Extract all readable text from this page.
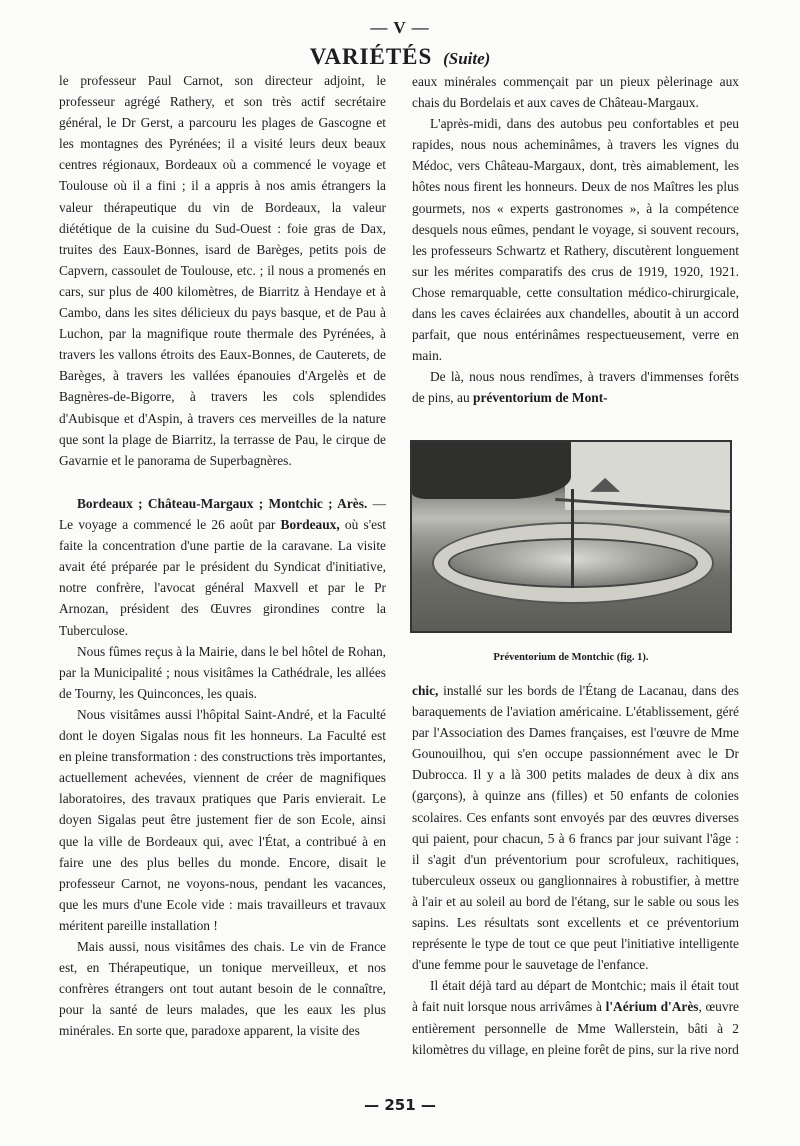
— V —
VARIÉTÉS (Suite)

le professeur Paul Carnot, son directeur adjoint, le professeur agrégé Rathery, et son très actif secrétaire général, le Dr Gerst, a parcouru les plages de Gascogne et les montagnes des Pyrénées; il a visité leurs deux beaux centres régionaux, Bordeaux où a commencé le voyage et Toulouse où il a fini ; il a appris à nos amis étrangers la valeur thérapeutique du vin de Bordeaux, la valeur diététique de la cuisine du Sud-Ouest : foie gras de Dax, truites des Eaux-Bonnes, isard de Barèges, petits pois de Capvern, cassoulet de Toulouse, etc. ; il nous a promenés en cars, sur plus de 400 kilomètres, de Biarritz à Hendaye et à Cambo, dans les sites délicieux du pays basque, et de Pau à Luchon, par la magnifique route thermale des Pyrénées, à travers les vallons étroits des Eaux-Bonnes, de Cauterets, de Barèges, à travers les vallées épanouies d'Argelès et de Bagnères-de-Bigorre, à travers les cols splendides d'Aubisque et d'Aspin, à travers ces merveilles de la nature que sont la plage de Biarritz, la terrasse de Pau, le cirque de Gavarnie et le panorama de Superbagnères.

Bordeaux ; Château-Margaux ; Montchic ; Arès. — Le voyage a commencé le 26 août par Bordeaux, où s'est faite la concentration d'une partie de la caravane. La visite avait été préparée par le président du Syndicat d'initiative, notre confrère, l'avocat général Maxvell et par le Pr Arnozan, président des Œuvres girondines contre la Tuberculose.

Nous fûmes reçus à la Mairie, dans le bel hôtel de Rohan, par la Municipalité ; nous visitâmes la Cathédrale, les allées de Tourny, les Quinconces, les quais.

Nous visitâmes aussi l'hôpital Saint-André, et la Faculté dont le doyen Sigalas nous fit les honneurs. La Faculté est en pleine transformation : des constructions très importantes, actuellement achevées, viennent de créer de magnifiques laboratoires, des travaux pratiques que Paris envierait. Le doyen Sigalas peut être justement fier de son Ecole, ainsi que la ville de Bordeaux qui, avec l'État, a contribué à en faire une des plus belles du monde. Encore, disait le professeur Carnot, ne voyons-nous, pendant les vacances, que les murs d'une Ecole vide : mais travailleurs et travaux méritent pareille installation !

Mais aussi, nous visitâmes des chais. Le vin de France est, en Thérapeutique, un tonique merveilleux, et nos confrères étrangers ont tout autant besoin de le connaître, pour la santé de leurs malades, que les eaux les plus minérales. En sorte que, paradoxe apparent, la visite des

eaux minérales commençait par un pieux pèlerinage aux chais du Bordelais et aux caves de Château-Margaux.

L'après-midi, dans des autobus peu confortables et peu rapides, nous nous acheminâmes, à travers les vignes du Médoc, vers Château-Margaux, dont, très aimablement, les hôtes nous firent les honneurs. Deux de nos Maîtres les plus gourmets, nos « experts gastronomes », à la compétence desquels nous eûmes, pendant le voyage, si souvent recours, les professeurs Schwartz et Rathery, discutèrent longuement sur les mérites comparatifs des crus de 1919, 1920, 1921. Chose remarquable, cette consultation médico-chirurgicale, dans les caves éclairées aux chandelles, aboutit à un accord parfait, que nous entérinâmes respectueusement, verre en main.

De là, nous nous rendîmes, à travers d'immenses forêts de pins, au préventorium de Mont-

Préventorium de Montchic (fig. 1).

chic, installé sur les bords de l'Étang de Lacanau, dans des baraquements de l'aviation américaine. L'établissement, géré par l'Association des Dames françaises, est l'œuvre de Mme Gounouilhou, qui s'en occupe passionnément avec le Dr Dubrocca. Il y a là 300 petits malades de deux à dix ans (garçons), à quinze ans (filles) et 50 enfants de colonies scolaires. Ces enfants sont envoyés par des œuvres diverses qui paient, pour chacun, 5 à 6 francs par jour suivant l'âge : il s'agit d'un préventorium pour scrofuleux, rachitiques, tuberculeux osseux ou ganglionnaires à robustifier, à mettre à l'air et au soleil au bord de l'étang, sur le sable ou sous les sapins. Les résultats sont excellents et ce préventorium représente le type de tout ce que peut l'initiative intelligente d'une femme pour le sauvetage de l'enfance.

Il était déjà tard au départ de Montchic; mais il était tout à fait nuit lorsque nous arrivâmes à l'Aérium d'Arès, œuvre entièrement personnelle de Mme Wallerstein, bâti à 2 kilomètres du village, en pleine forêt de pins, sur la rive nord

— 251 —
